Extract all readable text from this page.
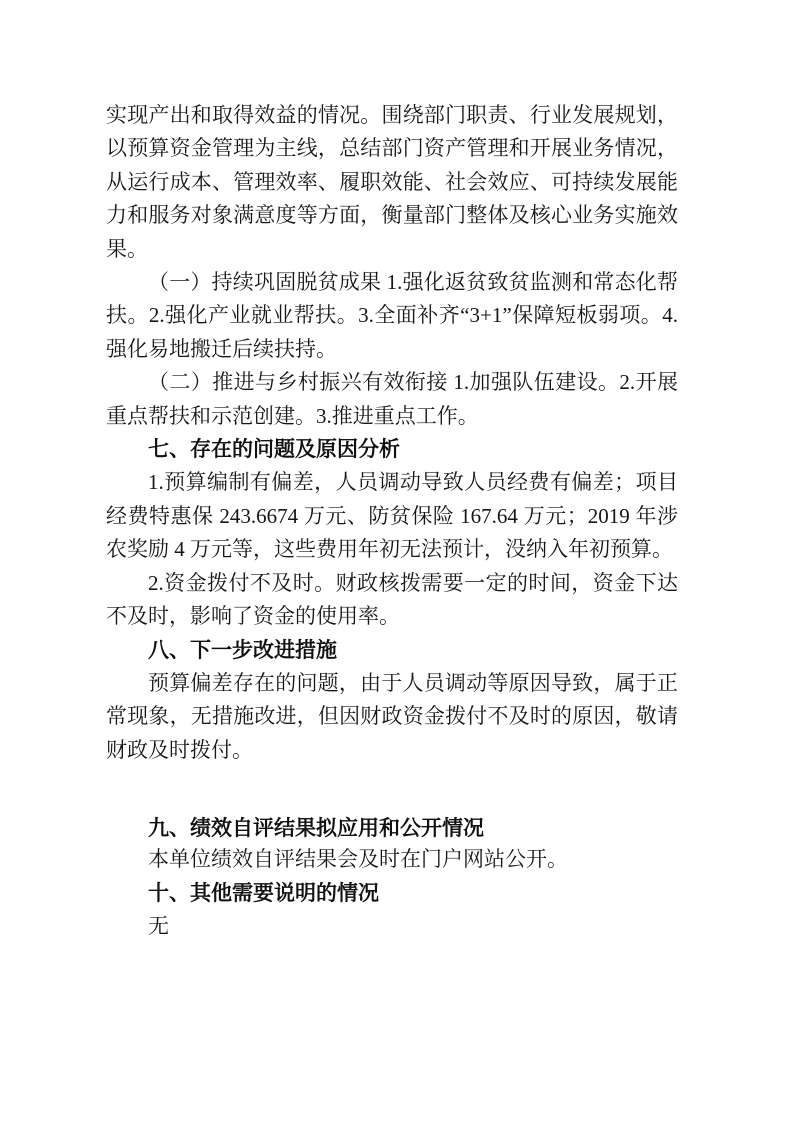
实现产出和取得效益的情况。围绕部门职责、行业发展规划，以预算资金管理为主线，总结部门资产管理和开展业务情况，从运行成本、管理效率、履职效能、社会效应、可持续发展能力和服务对象满意度等方面，衡量部门整体及核心业务实施效果。

（一）持续巩固脱贫成果 1.强化返贫致贫监测和常态化帮扶。2.强化产业就业帮扶。3.全面补齐“3+1”保障短板弱项。4.强化易地搬迁后续扶持。

（二）推进与乡村振兴有效衔接 1.加强队伍建设。2.开展重点帮扶和示范创建。3.推进重点工作。

七、存在的问题及原因分析

1.预算编制有偏差，人员调动导致人员经费有偏差；项目经费特惠保 243.6674 万元、防贫保险 167.64 万元；2019 年涉农奖励 4 万元等，这些费用年初无法预计，没纳入年初预算。

2.资金拨付不及时。财政核拨需要一定的时间，资金下达不及时，影响了资金的使用率。

八、下一步改进措施

预算偏差存在的问题，由于人员调动等原因导致，属于正常现象，无措施改进，但因财政资金拨付不及时的原因，敬请财政及时拨付。

九、绩效自评结果拟应用和公开情况

本单位绩效自评结果会及时在门户网站公开。

十、其他需要说明的情况

无
